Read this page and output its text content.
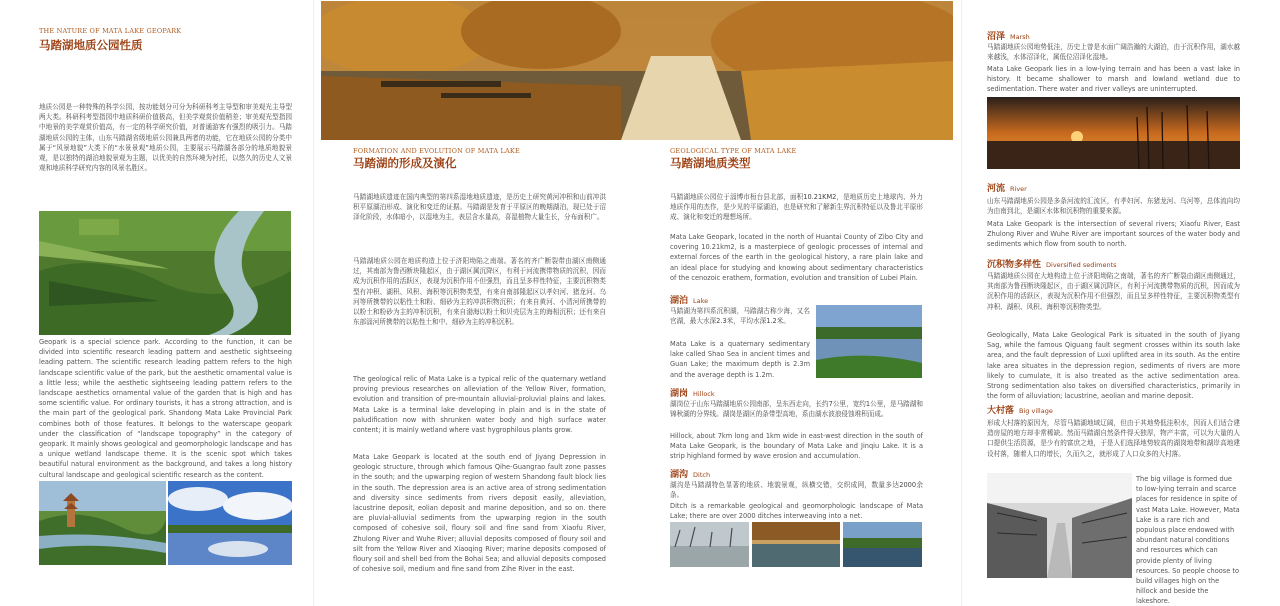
THE NATURE OF MATA LAKE GEOPARK
马踏湖地质公园性质
地质公园是一种特殊的科学公园，按功能划分可分为科研科考主导型和审美观光主导型两大类。科研科考型指园中地质科研价值极高，但美学观赏价值稍差；审美观光型指园中地景的美学观赏价值高，有一定的科学研究价值，对普通游客有强烈的吸引力。马踏湖地质公园的主体，山东马踏湖省级地质公园兼具两者的功能，它在地质公园的分类中属于“风景地貌”大类下的“水景景观”地质公园，主要展示马踏湖各部分的地质地貌景观，是以独特的湖泊地貌景观为主题，以优美的自然环境为衬托，以悠久的历史人文景观和地质科学研究内容的风景名胜区。
Geopark is a special science park. According to the function, it can be divided into scientific research leading pattern and aesthetic sightseeing leading pattern. The scientific research leading pattern refers to the high landscape scientific value of the park, but the aesthetic ornamental value is a little less; while the aesthetic sightseeing leading pattern refers to the landscape aesthetics ornamental value of the garden that is high and has some scientific value. For ordinary tourists, it has a strong attraction, and is the main part of the geological park. Shandong Mata Lake Provincial Park combines both of those features. It belongs to the waterscape geopark under the classification of “landscape topography” in the category of geopark. It mainly shows geological and geomorphologic landscape and has a unique wetland landscape theme. It is the scenic spot which takes beautiful natural environment as the background, and takes a long history cultural landscape and geological scientific research as the content.
FORMATION AND EVOLUTION OF MATA LAKE
马踏湖的形成及演化
马踏湖地质遗迹在国内典型的第四系湿地地质遗迹，是历史上研究黄河冲积和山前冲洪积平原湖泊形成、演化和变迁的证据。马踏湖是发育于平原区的晚期湖泊，现已处于沼泽化阶段，水体暗小，以湿地为主，表层含水量高，喜湿植物大量生长，分布面积广。
马踏湖地质公园在地质构造上位于济阳坳陷之南端。著名的齐广断裂带由湖区南侧通过，其南部为鲁西断块隆起区，由于湖区属沉降区，有利于河流携带物质的沉积，因而成为沉积作用的活跃区，表现为沉积作用不但强烈，而且呈多样性特征，主要沉积物类型有冲积、湖积、风积、海积等沉积物类型，有来自南部隆起区以孝妇河、猪龙河、乌河等所携带的以粘性土和粉、细砂为主的冲洪积物沉积；有来自黄河、小清河所携带的以粉土和粉砂为主的冲积沉积，有来自渤海以粉土和贝壳层为主的海相沉积；还有来自东部淄河所携带的以粘性土和中、细砂为主的冲积沉积。
The geological relic of Mata Lake is a typical relic of the quaternary wetland proving previous researches on alleviation of the Yellow River, formation, evolution and transition of pre-mountain alluvial-proluvial plains and lakes. Mata Lake is a terminal lake developing in plain and is in the state of paludification now with shrunken water body and high surface water content; it is mainly wetland where vast hygrophilous plants grow.
Mata Lake Geopark is located at the south end of Jiyang Depression in geologic structure, through which famous Qihe-Guangrao fault zone passes in the south; and the upwarping region of western Shandong fault block lies in the south. The depression area is an active area of strong sedimentation and diversity since sediments from rivers deposit easily, alleviation, lacustrine deposit, eolian deposit and marine deposition, and so on. there are pluvial-alluvial sediments from the upwarping region in the south composed of cohesive soil, floury soil and fine sand from Xiaofu River, Zhulong River and Wuhe River; alluvial deposits composed of floury soil and silt from the Yellow River and Xiaoqing River; marine deposits composed of floury soil and shell bed from the Bohai Sea; and alluvial deposits composed of cohesive soil, medium and fine sand from Zihe River in the east.
GEOLOGICAL TYPE OF MATA LAKE
马踏湖地质类型
马踏湖地质公园位于淄博市桓台县北部，面积10.21KM2，是地质历史上地球内、外力地质作用的杰作，是少见的平原湖泊，也是研究和了解新生界沉积特征以及鲁北平原形成、演化和变迁的理想场所。
Mata Lake Geopark, located in the north of Huantai County of Zibo City and covering 10.21km2, is a masterpiece of geologic processes of internal and external forces of the earth in the geological history, a rare plain lake and an ideal place for studying and knowing about sedimentary characteristics of the cenozoic erathem, formation, evolution and transition of Lubei Plain.
湖泊 Lake
马踏湖为第四系沉积湖，马踏湖古称少海，又名官湖，最大水深2.3米，平均水深1.2米。
Mata Lake is a quaternary sedimentary lake called Shao Sea in ancient times and Guan Lake; the maximum depth is 2.3m and the average depth is 1.2m.
湖岗 Hillock
湖岗位于山东马踏湖地质公园南部，呈东西走向，长约7公里，宽约1公里，是马踏湖和锦秋湖的分界线。湖岗是湖区的条带型高地，系由湖水波浪侵蚀堆积而成。
Hillock, about 7km long and 1km wide in east-west direction in the south of Mata Lake Geopark, is the boundary of Mata Lake and Jinqiu Lake. It is a strip highland formed by wave erosion and accumulation.
湖沟 Ditch
湖沟是马踏湖特色显著的地质、地貌景观，纵横交错，交织成网，数量多达2000余条。
Ditch is a remarkable geological and geomorphologic landscape of Mata Lake; there are over 2000 ditches interweaving into a net.
沼泽 Marsh
马踏湖地质公园地势低洼，历史上曾是水面广阔浩瀚的大湖泊，由于沉积作用，湖水越来越浅，水体沼泽化，属低位沼泽化湿地。
Mata Lake Geopark lies in a low-lying terrain and has been a vast lake in history. It became shallower to marsh and lowland wetland due to sedimentation. There water and river valleys are uninterrupted.
河流 River
山东马踏湖地质公园是多条河流的汇流区，有孝妇河、东猪龙河、乌河等，总体流向均为由南到北，是湖区水体和沉积物的重要来源。
Mata Lake Geopark is the intersection of several rivers; Xiaofu River, East Zhulong River and Wuhe River are important sources of the water body and sediments which flow from south to north.
沉积物多样性 Diversified sediments
马踏湖地质公园在大地构造上位于济阳坳陷之南端，著名的齐广断裂由湖区南侧通过，其南部为鲁西断块隆起区，由于湖区属沉降区，有利于河流携带物质的沉积，因而成为沉积作用的活跃区，表现为沉积作用不但强烈，而且呈多样性特征，主要沉积物类型有冲积、湖积、风积、海积等沉积物类型。
Geologically, Mata Lake Geological Park is situated in the south of Jiyang Sag, while the famous Qiguang fault segment crosses within its south lake area, and the fault depression of Luxi uplifted area in its south. As the entire lake area situates in the depression region, sediments of rivers are more likely to cumulate, it is also treated as the active sedimentation area. Strong sedimentation also takes on diversified characteristics, primarily in the form of alluviation; lacustrine, aeolian and marine deposit.
大村落 Big village
形成大村落的原因为，尽管马踏湖地域辽阔，但由于其地势低洼积水，因而人们适合建造房屋的地方却非常稀缺。然而马踏湖自然条件得天独厚，物产丰富，可以为大量的人口提供生活资源，是少有的富庶之地，于是人们选择地势较高的湖岗地带和湖岸高地建设村落，随着人口的增长，久而久之，就形成了人口众多的大村落。
The big village is formed due to low-lying terrain and scarce places for residence in spite of vast Mata Lake. However, Mata Lake is a rare rich and populous place endowed with abundant natural conditions and resources which can provide plenty of living resources. So people choose to build villages high on the hillock and beside the lakeshore.
